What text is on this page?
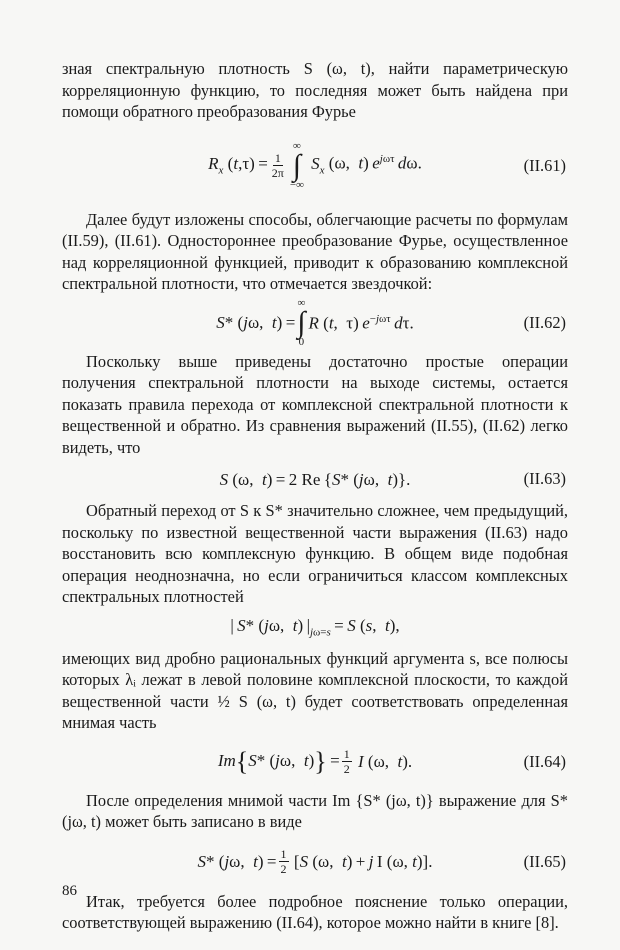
зная спектральную плотность S (ω, t), найти параметрическую корреляционную функцию, то последняя может быть найдена при помощи обратного преобразования Фурье

$R_x$ $(t,\tau) = \frac{1}{2\pi}$
∞
∫
−∞
$S_x$ (ω,  t) $e^{j\omega\tau}$  dω.	(II.61)

Далее будут изложены способы, облегчающие расчеты по формулам (II.59), (II.61). Одностороннее преобразование Фурье, осуществленное над корреляционной функцией, приводит к образованию комплексной спектральной плотности, что отмечается звездочкой:

S* (jω,  t) =
∞
∫
0
R (t,  τ) $e^{-j\omega\tau}$  dτ.	(II.62)

Поскольку выше приведены достаточно простые операции получения спектральной плотности на выходе системы, остается показать правила перехода от комплексной спектральной плотности к вещественной и обратно. Из сравнения выражений (II.55), (II.62) легко видеть, что

S (ω,  t) = 2 Re {S* (jω,  t)}.	(II.63)

Обратный переход от S к S* значительно сложнее, чем предыдущий, поскольку по известной вещественной части выражения (II.63) надо восстановить всю комплексную функцию. В общем виде подобная операция неоднозначна, но если ограничиться классом комплексных спектральных плотностей

| S* (jω,  t) $|_{j\omega=s} = S$ (s,  t),

имеющих вид дробно рациональных функций аргумента s, все полюсы которых λᵢ лежат в левой половине комплексной плоскости, то каждой вещественной части ½ S (ω, t) будет соответствовать определенная мнимая часть

Im{S* (jω,  $t)\} = \frac{1}{2}$ I (ω,  t).	(II.64)

После определения мнимой части Im {S* (jω, t)} выражение для S* (jω, t) может быть записано в виде

S* (jω,  $t) = \frac{1}{2} [S$ (ω,  t) + j I (ω, t)].	(II.65)

Итак, требуется более подробное пояснение только операции, соответствующей выражению (II.64), которое можно найти в книге [8].

86
